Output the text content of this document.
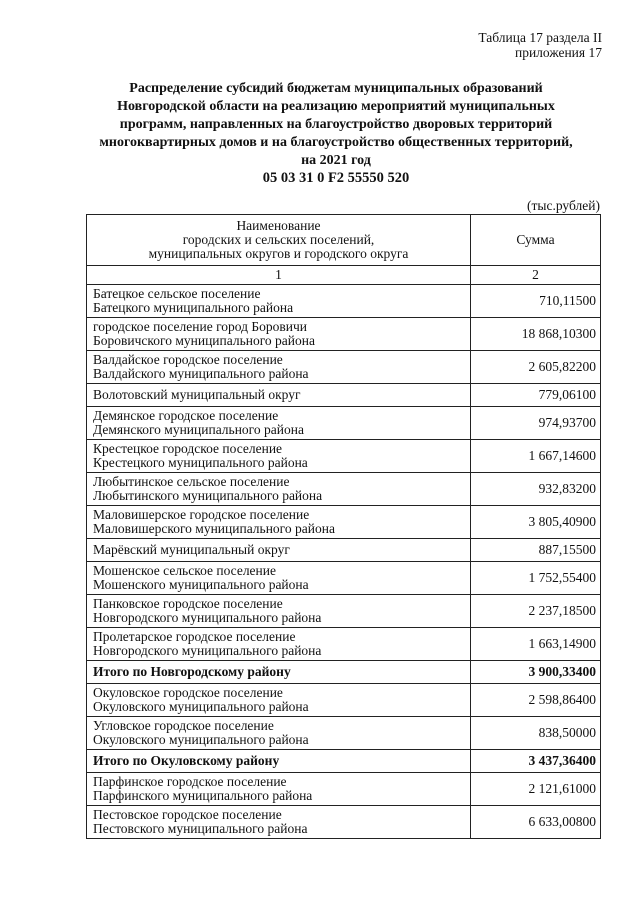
Таблица 17 раздела II
приложения 17
Распределение субсидий бюджетам муниципальных образований
Новгородской области на реализацию мероприятий муниципальных
программ, направленных на благоустройство дворовых территорий
многоквартирных домов и на благоустройство общественных территорий,
на 2021 год
05 03 31 0 F2 55550 520
(тыс.рублей)
Наименование
городских и сельских поселений,
муниципальных округов и городского округа	Сумма
1	2

Батецкое сельское поселение
Батецкого муниципального района	710,11500

городское поселение город Боровичи
Боровичского муниципального района	18 868,10300

Валдайское городское поселение
Валдайского муниципального района	2 605,82200

Волотовский муниципальный округ	779,06100

Демянское городское поселение
Демянского муниципального района	974,93700

Крестецкое городское поселение
Крестецкого муниципального района	1 667,14600

Любытинское сельское поселение
Любытинского муниципального района	932,83200

Маловишерское городское поселение
Маловишерского муниципального района	3 805,40900

Марёвский муниципальный округ	887,15500

Мошенское сельское поселение
Мошенского муниципального района	1 752,55400

Панковское городское поселение
Новгородского муниципального района	2 237,18500

Пролетарское городское поселение
Новгородского муниципального района	1 663,14900

Итого по Новгородскому району	3 900,33400

Окуловское городское поселение
Окуловского муниципального района	2 598,86400

Угловское городское поселение
Окуловского муниципального района	838,50000

Итого по Окуловскому району	3 437,36400

Парфинское городское поселение
Парфинского муниципального района	2 121,61000

Пестовское городское поселение
Пестовского муниципального района	6 633,00800
